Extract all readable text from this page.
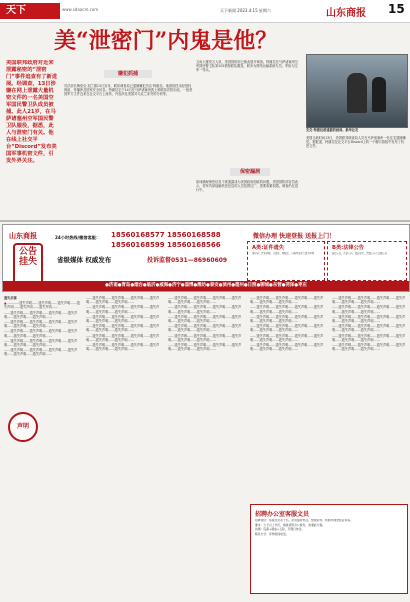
天下	www.sdaacm.com	天下新闻 2023.4.15 星期六	山东商报 15
美“泄密门”内鬼是他？
美国联邦政府对近来泄露秘密的“泄密门”事件追查有了新进展。经调查，13日涉嫌在网上泄露大量机密文件的一名美国空军国民警卫队成员被捕。此人21岁，在马萨诸塞州空军国民警卫队服役，据悉，此人与泄密门有关。他在线上社交平台“Discord”发布美国军事机密文件，引发外界关注。
嫌犯抓捕
司法部长梅里克·加兰德13日宣布，联邦调查局已逮捕嫌犯杰克·特谢拉。他被指控未经授权保留、传播涉及国家安全信息。特谢拉定于14日在马萨诸塞州波士顿联邦法院出庭。一批美国军方文件近来在社交平台上流传，内容涉及美国对乌克兰冲突的分析等。
五角大楼发言人说，美国国防部已就此展开调查。特谢拉在马萨诸塞州空军国民警卫队第102情报联队服役，职务为网络运输系统专员，军衔为空军一等兵。
保密漏洞
如何确保保密信息不被泄露成为美国政府面临的问题。美国国防部官员表示，美军内部接触机密信息的人员范围过广，需要收紧权限。调查仍在进行中。
杰克·特谢拉被逮捕的画面。新华社发
美国当地时间13日，美国联邦调查局人员在马萨诸塞州一处住宅逮捕嫌犯。据报道，特谢拉在社交平台Discord上的一个聊天群组中发布了机密文件。
山东商报
公告挂失
24小时热线/微信客服： 18560168577 18560168588
18560168599 18560168566
省级媒体 权威发布	投诉监督0531—86960609
微信办理 快速登报 送报上门！
A类:证件遗失
身份证、营业执照、合格证、驾驶证、车辆登记证等遗失声明
B类:法律公告
减资公告、注销公告、债权转让、清算公告等法律公告
●济南●青岛●烟台●临沂●威海●济宁●淄博●潍坊●泰安●滨州●德州●日照●聊城●东营●菏泽●枣庄

遗失启事

▲…………遗失声明……遗失声明……遗失声明……遗失声明……遗失声明……遗失声明……

……遗失声明……遗失声明……遗失声明……遗失声明……遗失声明……遗失声明……

……遗失声明……遗失声明……遗失声明……遗失声明……遗失声明……遗失声明……

……遗失声明……遗失声明……遗失声明……遗失声明……遗失声明……遗失声明……

……遗失声明……遗失声明……遗失声明……遗失声明……遗失声明……遗失声明……

……遗失声明……遗失声明……遗失声明……遗失声明……遗失声明……遗失声明……

……遗失声明……遗失声明……遗失声明……遗失声明……遗失声明……遗失声明……

……遗失声明……遗失声明……遗失声明……遗失声明……遗失声明……遗失声明……

……遗失声明……遗失声明……遗失声明……遗失声明……遗失声明……遗失声明……

……遗失声明……遗失声明……遗失声明……遗失声明……遗失声明……遗失声明……

……遗失声明……遗失声明……遗失声明……遗失声明……遗失声明……遗失声明……

……遗失声明……遗失声明……遗失声明……遗失声明……遗失声明……遗失声明……

……遗失声明……遗失声明……遗失声明……遗失声明……遗失声明……遗失声明……

……遗失声明……遗失声明……遗失声明……遗失声明……遗失声明……遗失声明……

……遗失声明……遗失声明……遗失声明……遗失声明……遗失声明……遗失声明……

……遗失声明……遗失声明……遗失声明……遗失声明……遗失声明……遗失声明……

……遗失声明……遗失声明……遗失声明……遗失声明……遗失声明……遗失声明……

……遗失声明……遗失声明……遗失声明……遗失声明……遗失声明……遗失声明……

……遗失声明……遗失声明……遗失声明……遗失声明……遗失声明……遗失声明……

……遗失声明……遗失声明……遗失声明……遗失声明……遗失声明……遗失声明……

……遗失声明……遗失声明……遗失声明……遗失声明……遗失声明……遗失声明……

……遗失声明……遗失声明……遗失声明……遗失声明……遗失声明……遗失声明……

……遗失声明……遗失声明……遗失声明……遗失声明……遗失声明……遗失声明……

……遗失声明……遗失声明……遗失声明……遗失声明……遗失声明……遗失声明……

……遗失声明……遗失声明……遗失声明……遗失声明……遗失声明……遗失声明……

……遗失声明……遗失声明……遗失声明……遗失声明……遗失声明……遗失声明……

……遗失声明……遗失声明……遗失声明……遗失声明……遗失声明……遗失声明……

……遗失声明……遗失声明……遗失声明……遗失声明……遗失声明……遗失声明……

……遗失声明……遗失声明……遗失声明……遗失声明……遗失声明……遗失声明……

……遗失声明……遗失声明……遗失声明……遗失声明……遗失声明……遗失声明……

声明
招聘办公室客服文员

招聘岗位：客服文员若干名，负责接听电话、整理资料、协助办理登报业务等。

要求：大专以上学历，熟练使用办公软件，沟通能力强。

待遇：底薪+提成+五险，节假日休息。

联系方式：详询热线电话。
